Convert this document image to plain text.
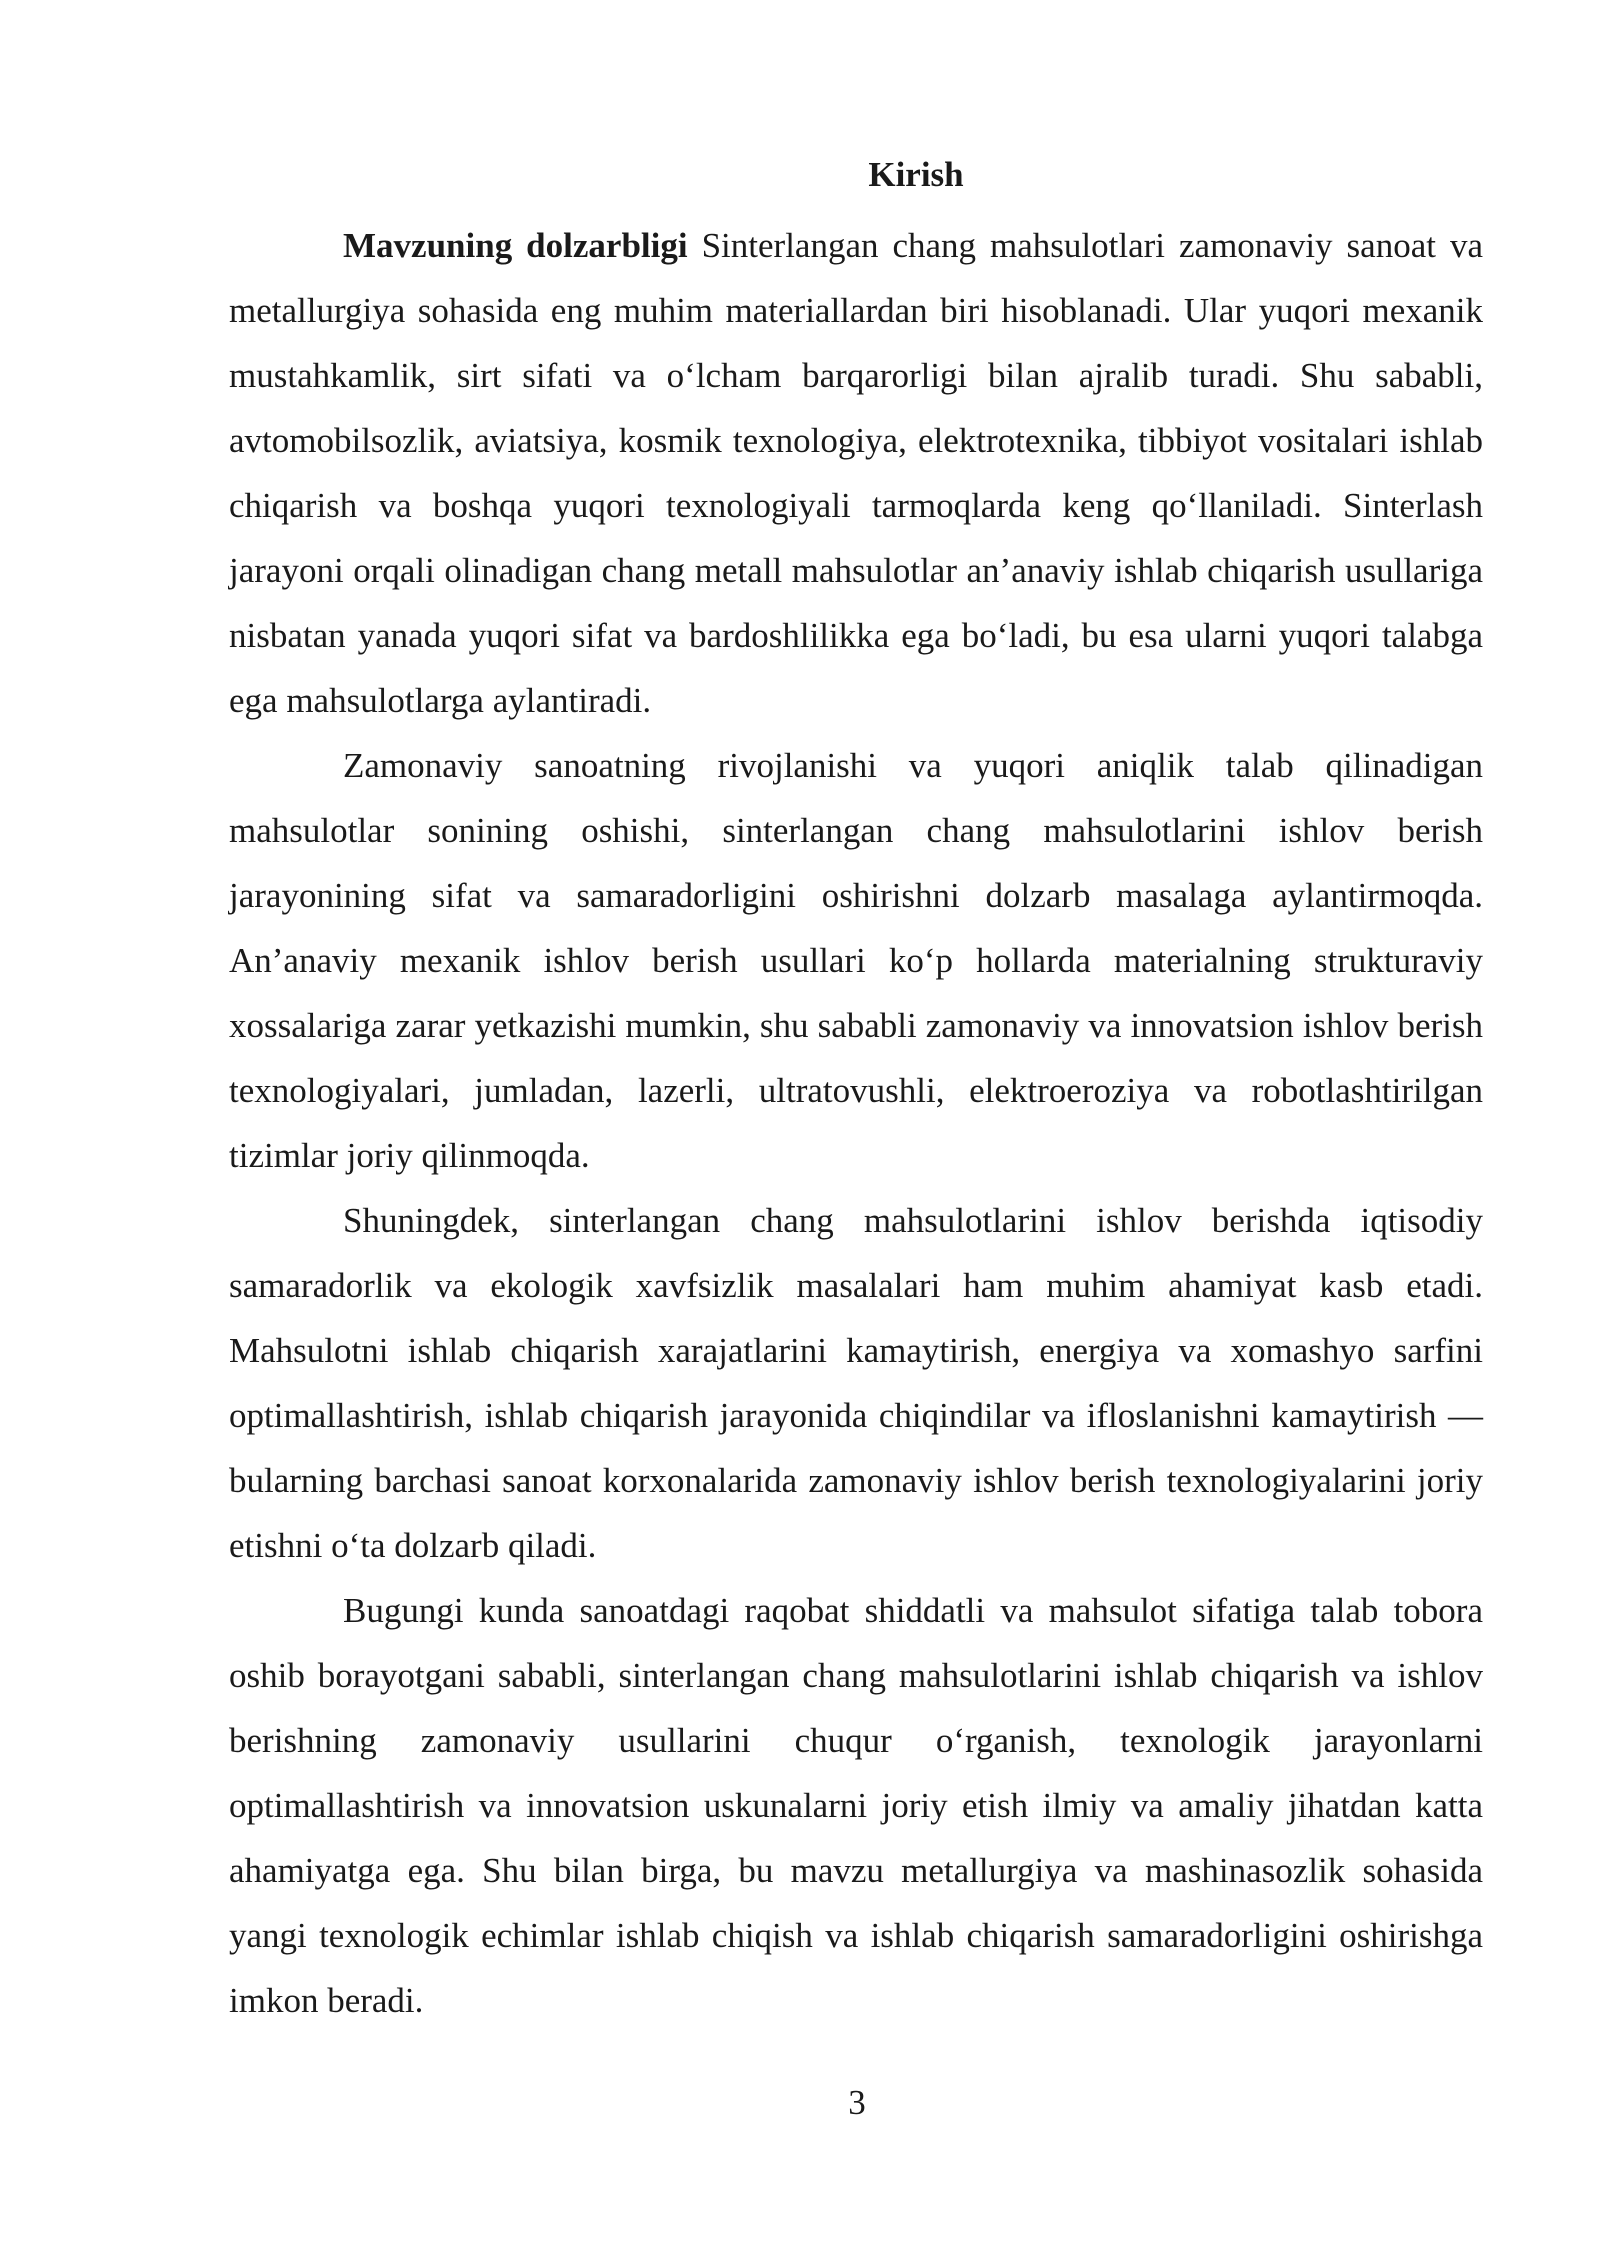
Kirish

Mavzuning dolzarbligi Sinterlangan chang mahsulotlari zamonaviy sanoat va metallurgiya sohasida eng muhim materiallardan biri hisoblanadi. Ular yuqori mexanik mustahkamlik, sirt sifati va o‘lcham barqarorligi bilan ajralib turadi. Shu sababli, avtomobilsozlik, aviatsiya, kosmik texnologiya, elektrotexnika, tibbiyot vositalari ishlab chiqarish va boshqa yuqori texnologiyali tarmoqlarda keng qo‘llaniladi. Sinterlash jarayoni orqali olinadigan chang metall mahsulotlar an’anaviy ishlab chiqarish usullariga nisbatan yanada yuqori sifat va bardoshlilikka ega bo‘ladi, bu esa ularni yuqori talabga ega mahsulotlarga aylantiradi.

Zamonaviy sanoatning rivojlanishi va yuqori aniqlik talab qilinadigan mahsulotlar sonining oshishi, sinterlangan chang mahsulotlarini ishlov berish jarayonining sifat va samaradorligini oshirishni dolzarb masalaga aylantirmoqda. An’anaviy mexanik ishlov berish usullari ko‘p hollarda materialning strukturaviy xossalariga zarar yetkazishi mumkin, shu sababli zamonaviy va innovatsion ishlov berish texnologiyalari, jumladan, lazerli, ultratovushli, elektroeroziya va robotlashtirilgan tizimlar joriy qilinmoqda.

Shuningdek, sinterlangan chang mahsulotlarini ishlov berishda iqtisodiy samaradorlik va ekologik xavfsizlik masalalari ham muhim ahamiyat kasb etadi. Mahsulotni ishlab chiqarish xarajatlarini kamaytirish, energiya va xomashyo sarfini optimallashtirish, ishlab chiqarish jarayonida chiqindilar va ifloslanishni kamaytirish — bularning barchasi sanoat korxonalarida zamonaviy ishlov berish texnologiyalarini joriy etishni o‘ta dolzarb qiladi.

Bugungi kunda sanoatdagi raqobat shiddatli va mahsulot sifatiga talab tobora oshib borayotgani sababli, sinterlangan chang mahsulotlarini ishlab chiqarish va ishlov berishning zamonaviy usullarini chuqur o‘rganish, texnologik jarayonlarni optimallashtirish va innovatsion uskunalarni joriy etish ilmiy va amaliy jihatdan katta ahamiyatga ega. Shu bilan birga, bu mavzu metallurgiya va mashinasozlik sohasida yangi texnologik echimlar ishlab chiqish va ishlab chiqarish samaradorligini oshirishga imkon beradi.

3
